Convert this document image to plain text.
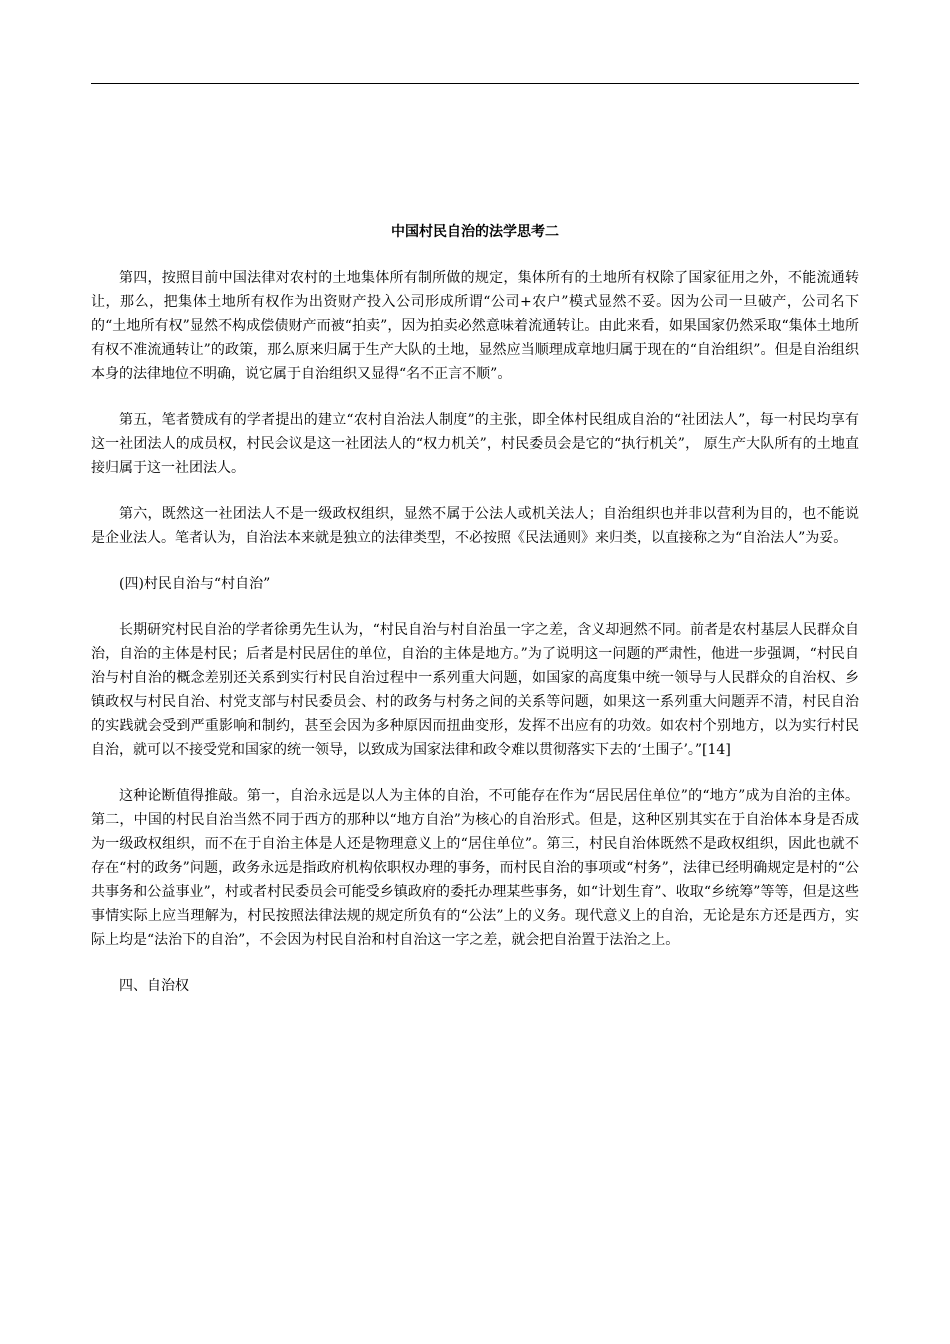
中国村民自治的法学思考二

第四，按照目前中国法律对农村的土地集体所有制所做的规定，集体所有的土地所有权除了国家征用之外，不能流通转让，那么，把集体土地所有权作为出资财产投入公司形成所谓“公司+农户”模式显然不妥。因为公司一旦破产，公司名下的“土地所有权”显然不构成偿债财产而被“拍卖”，因为拍卖必然意味着流通转让。由此来看，如果国家仍然采取“集体土地所有权不准流通转让”的政策，那么原来归属于生产大队的土地，显然应当顺理成章地归属于现在的“自治组织”。但是自治组织本身的法律地位不明确，说它属于自治组织又显得“名不正言不顺”。

第五，笔者赞成有的学者提出的建立“农村自治法人制度”的主张，即全体村民组成自治的“社团法人”，每一村民均享有这一社团法人的成员权，村民会议是这一社团法人的“权力机关”，村民委员会是它的“执行机关”， 原生产大队所有的土地直接归属于这一社团法人。

第六，既然这一社团法人不是一级政权组织，显然不属于公法人或机关法人；自治组织也并非以营利为目的，也不能说是企业法人。笔者认为，自治法本来就是独立的法律类型，不必按照《民法通则》来归类，以直接称之为“自治法人”为妥。

(四)村民自治与“村自治”

长期研究村民自治的学者徐勇先生认为，“村民自治与村自治虽一字之差，含义却迥然不同。前者是农村基层人民群众自治，自治的主体是村民；后者是村民居住的单位，自治的主体是地方。”为了说明这一问题的严肃性，他进一步强调，“村民自治与村自治的概念差别还关系到实行村民自治过程中一系列重大问题，如国家的高度集中统一领导与人民群众的自治权、乡镇政权与村民自治、村党支部与村民委员会、村的政务与村务之间的关系等问题，如果这一系列重大问题弄不清，村民自治的实践就会受到严重影响和制约，甚至会因为多种原因而扭曲变形，发挥不出应有的功效。如农村个别地方，以为实行村民自治，就可以不接受党和国家的统一领导，以致成为国家法律和政令难以贯彻落实下去的‘土围子’。”[14]

这种论断值得推敲。第一，自治永远是以人为主体的自治，不可能存在作为“居民居住单位”的“地方”成为自治的主体。第二，中国的村民自治当然不同于西方的那种以“地方自治”为核心的自治形式。但是，这种区别其实在于自治体本身是否成为一级政权组织，而不在于自治主体是人还是物理意义上的“居住单位”。第三，村民自治体既然不是政权组织，因此也就不存在“村的政务”问题，政务永远是指政府机构依职权办理的事务，而村民自治的事项或“村务”，法律已经明确规定是村的“公共事务和公益事业”，村或者村民委员会可能受乡镇政府的委托办理某些事务，如“计划生育”、收取“乡统筹”等等，但是这些事情实际上应当理解为，村民按照法律法规的规定所负有的“公法”上的义务。现代意义上的自治，无论是东方还是西方，实际上均是“法治下的自治”，不会因为村民自治和村自治这一字之差，就会把自治置于法治之上。

四、自治权
